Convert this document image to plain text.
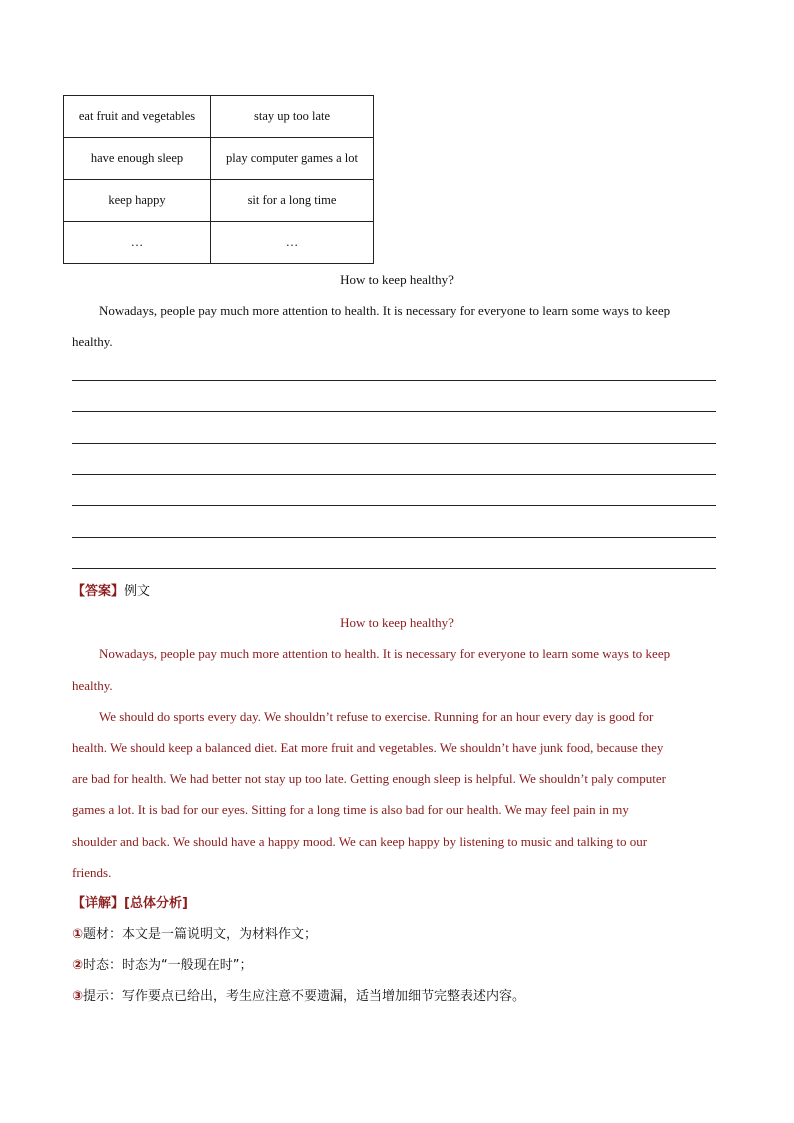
eat fruit and vegetables	stay up too late
have enough sleep	play computer games a lot
keep happy	sit for a long time
…	…
How to keep healthy?

Nowadays, people pay much more attention to health. It is necessary for everyone to learn some ways to keep

healthy.

【答案】例文
How to keep healthy?

Nowadays, people pay much more attention to health. It is necessary for everyone to learn some ways to keep

healthy.

We should do sports every day. We shouldn’t refuse to exercise. Running for an hour every day is good for

health. We should keep a balanced diet. Eat more fruit and vegetables. We shouldn’t have junk food, because they

are bad for health. We had better not stay up too late. Getting enough sleep is helpful. We shouldn’t paly computer

games a lot. It is bad for our eyes. Sitting for a long time is also bad for our health. We may feel pain in my

shoulder and back. We should have a happy mood. We can keep happy by listening to music and talking to our

friends.

【详解】[总体分析]
①题材：本文是一篇说明文，为材料作文；
②时态：时态为“一般现在时”；
③提示：写作要点已给出，考生应注意不要遗漏，适当增加细节完整表述内容。
